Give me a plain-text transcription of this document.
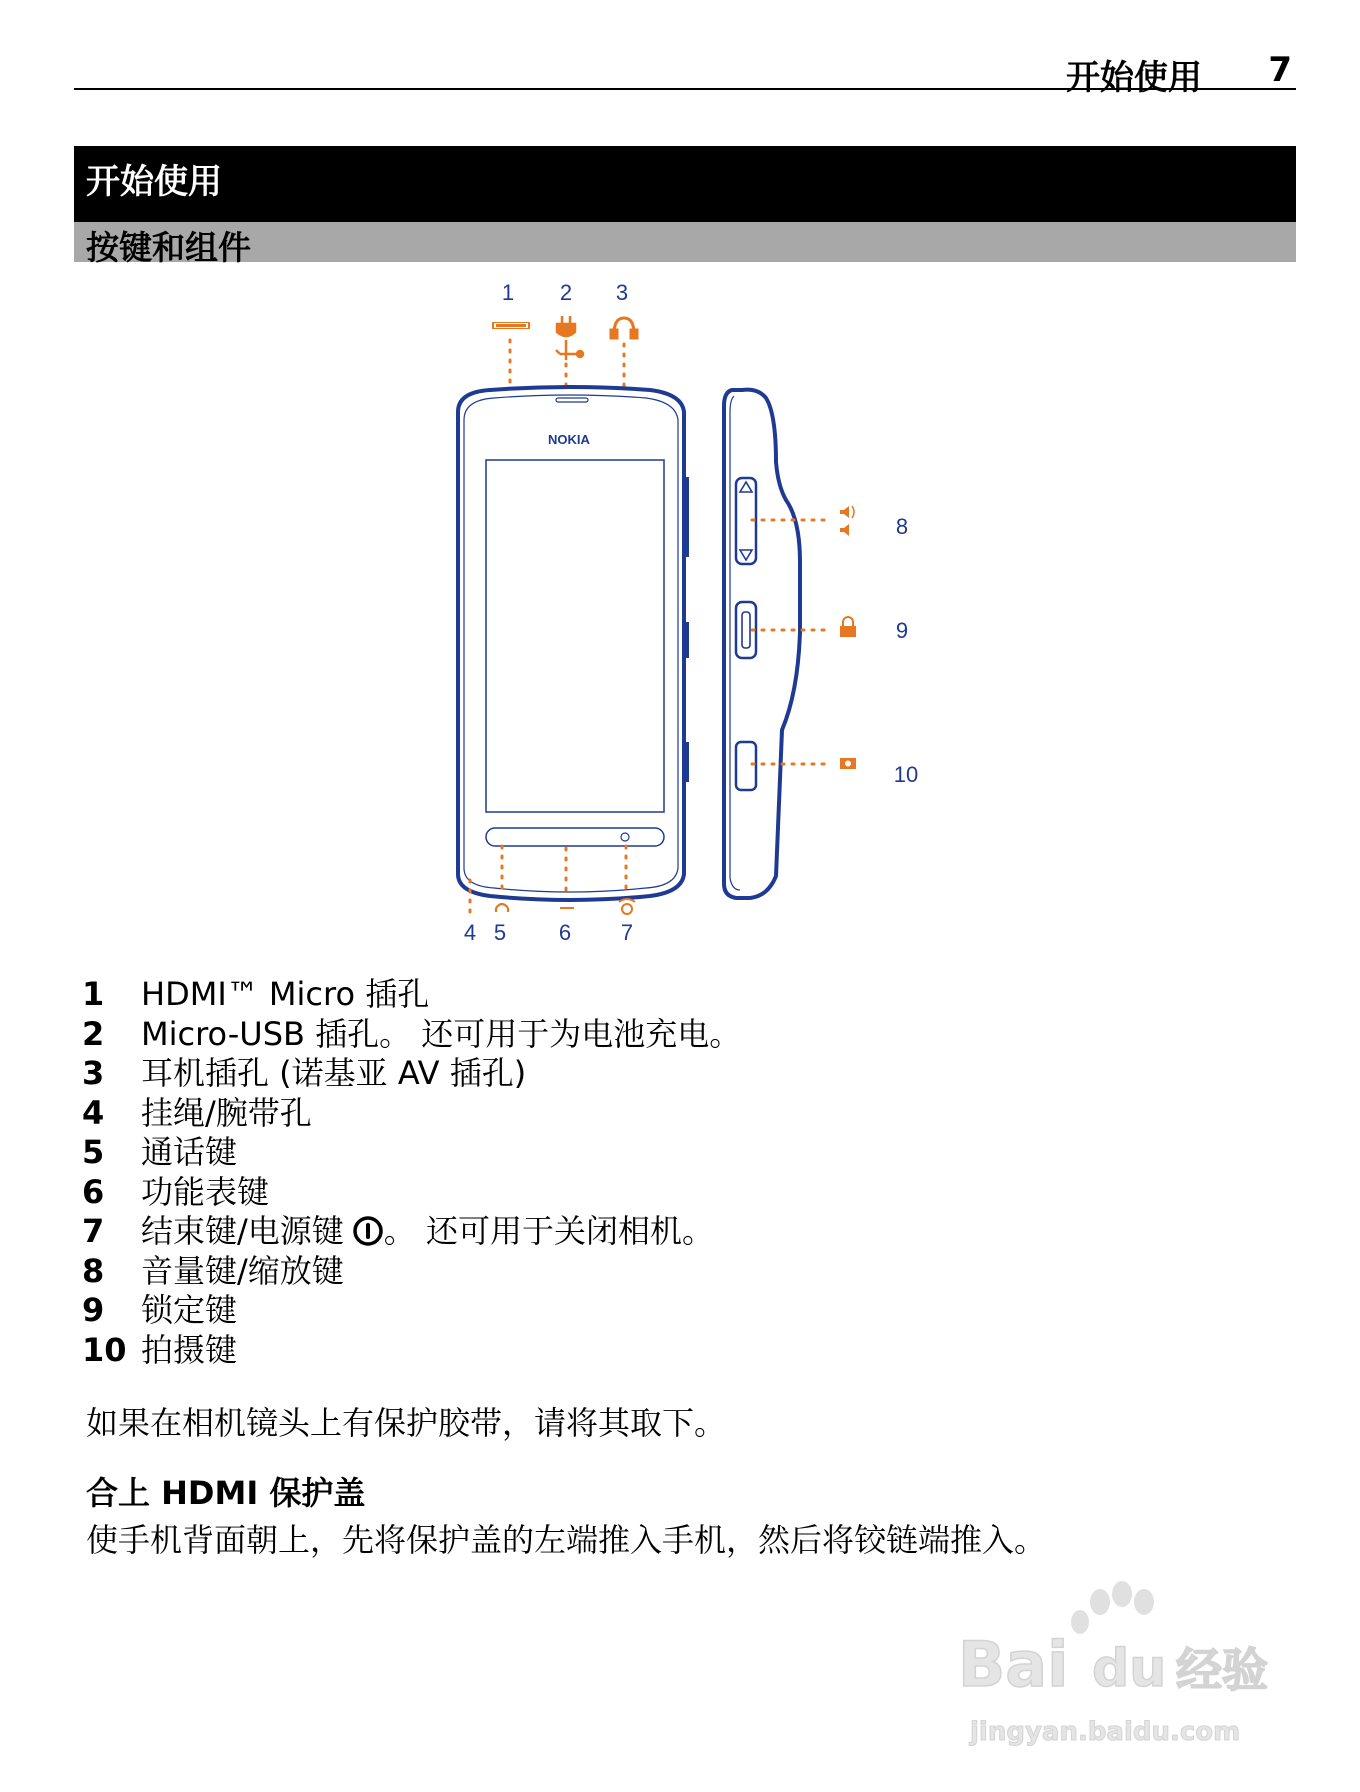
开始使用 7
开始使用
按键和组件
1 2 3
4 5 6 7
8
9
10
NOKIA
1 HDMI™ Micro 插孔
2 Micro-USB 插孔。 还可用于为电池充电。
3 耳机插孔 (诺基亚 AV 插孔)
4 挂绳/腕带孔
5 通话键
6 功能表键
7 结束键/电源键 。 还可用于关闭相机。
8 音量键/缩放键
9 锁定键
10 拍摄键

如果在相机镜头上有保护胶带，请将其取下。

合上 HDMI 保护盖

使手机背面朝上，先将保护盖的左端推入手机，然后将铰链端推入。

Bai du 经验
jingyan.baidu.com
